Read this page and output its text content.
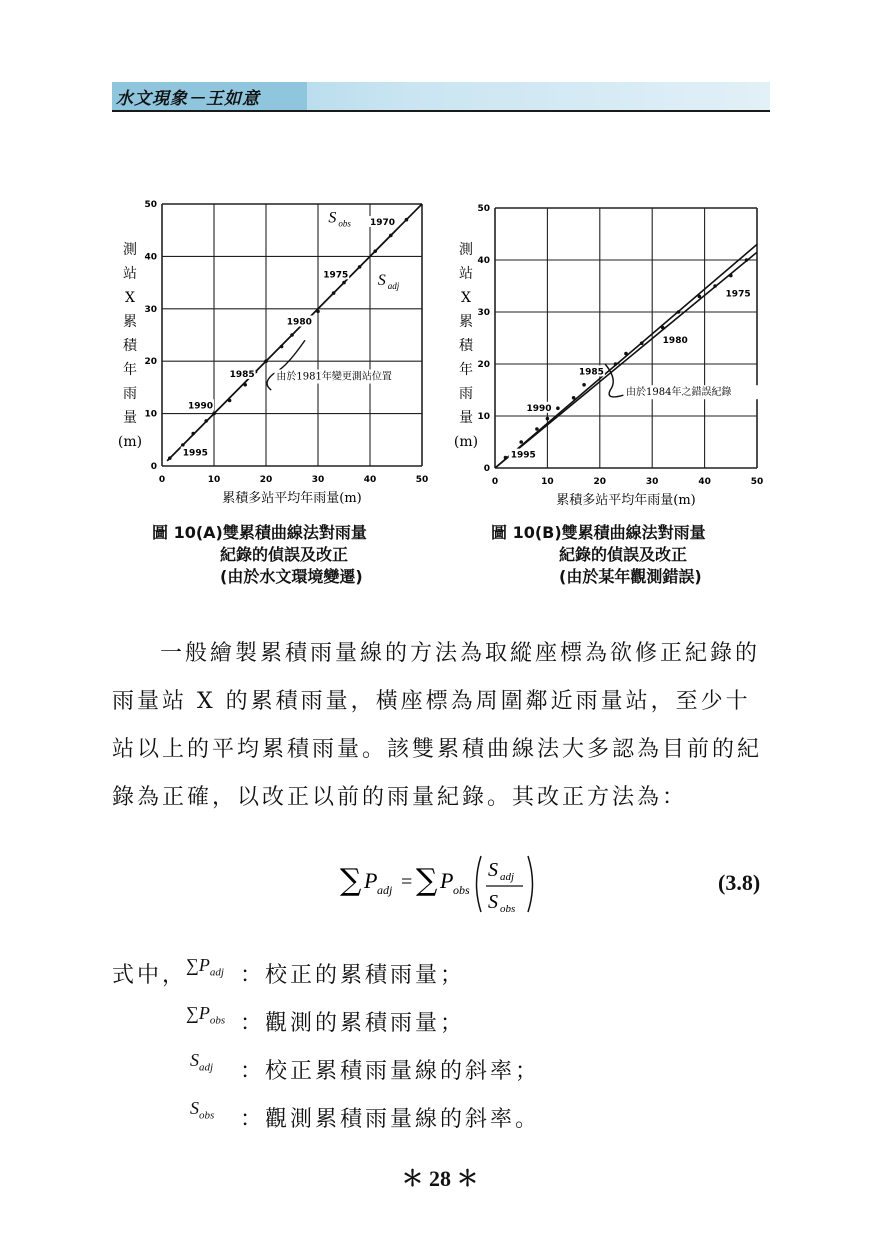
水文現象－王如意
0	10	20	30	40	50
0
10
20
30
40
50
1995
1990
1985
1980
1975
1970
測
站
X
累
積
年
雨
量
(m)
累積多站平均年雨量(m)
S obs
S adj
由於1981年變更測站位置
0	10	20	30	40	50
0
10
20
30
40
50
1995
1990
1985
1980
1975
測
站
X
累
積
年
雨
量
(m)
累積多站平均年雨量(m)
由於1984年之錯誤紀錄
圖 10(A)雙累積曲線法對雨量
紀錄的偵誤及改正
(由於水文環境變遷)
圖 10(B)雙累積曲線法對雨量
紀錄的偵誤及改正
(由於某年觀測錯誤)
一般繪製累積雨量線的方法為取縱座標為欲修正紀錄的雨量站 X 的累積雨量，橫座標為周圍鄰近雨量站，至少十站以上的平均累積雨量。該雙累積曲線法大多認為目前的紀錄為正確，以改正以前的雨量紀錄。其改正方法為：
∑ P adj = ∑ P obs
S adj
S obs
(3.8)
式中，
$\sum P_{adj}$ ：校正的累積雨量；
$\sum P_{obs}$ ：觀測的累積雨量；
$S_{adj}$ ：校正累積雨量線的斜率；
$S_{obs}$ ：觀測累積雨量線的斜率。
＊ 28 ＊
